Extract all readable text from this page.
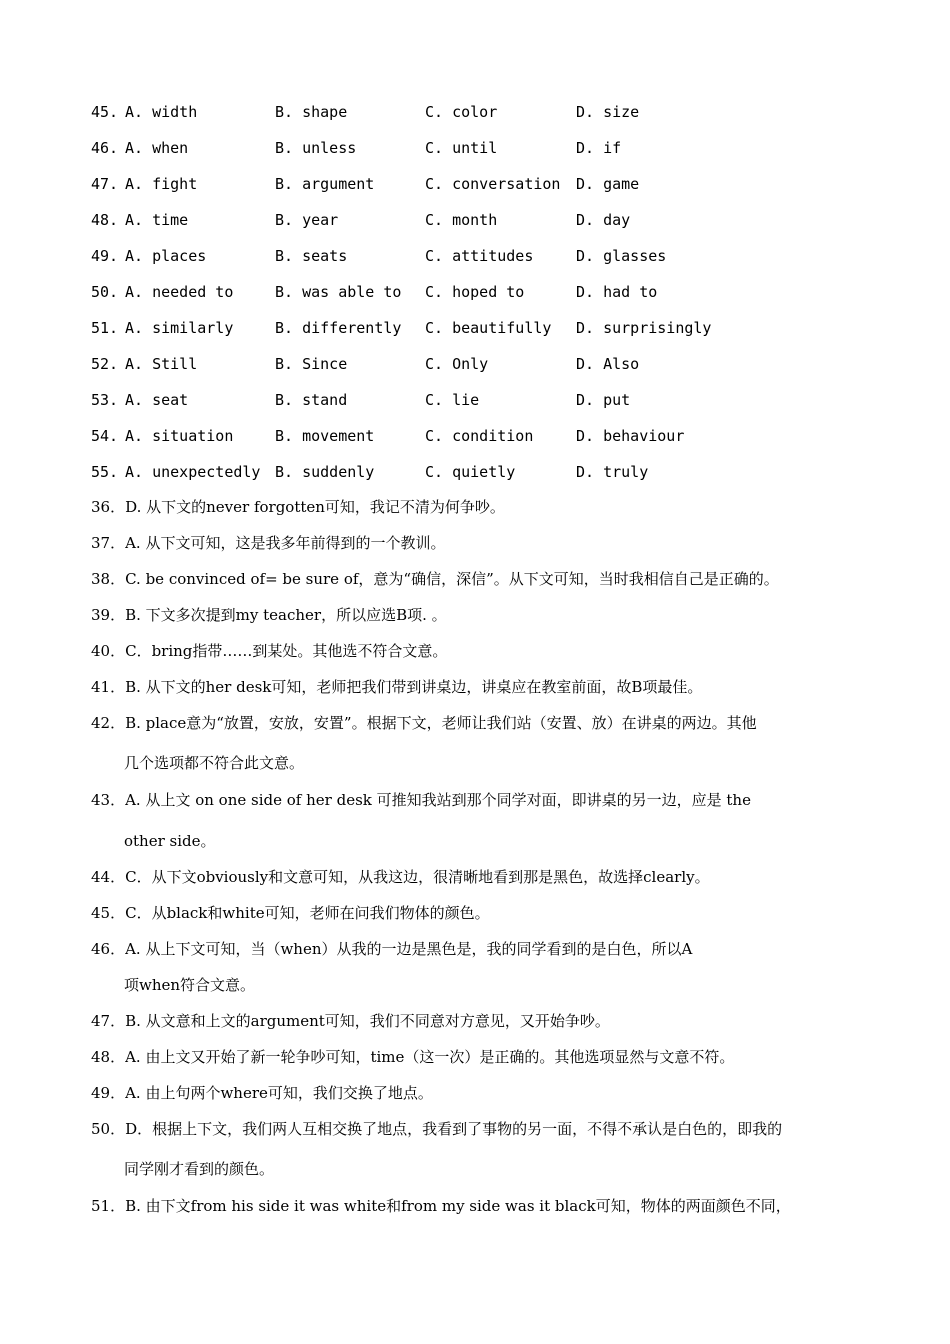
45. A. width	B. shape	C. color	D. size
46. A. when	B. unless	C. until	D. if
47. A. fight	B. argument	C. conversation D. game
48. A. time	B. year	C. month	D. day
49. A. places	B. seats	C. attitudes	D. glasses
50. A. needed to	B. was able to C. hoped to	D. had to
51. A. similarly	B. differently C. beautifully D. surprisingly
52. A. Still	B. Since	C. Only	D. Also
53. A. seat	B. stand	C. lie	D. put
54. A. situation	B. movement	C. condition	D. behaviour
55. A. unexpectedly B. suddenly	C. quietly	D. truly
36．D. 从下文的never forgotten可知，我记不清为何争吵。
37．A. 从下文可知，这是我多年前得到的一个教训。
38．C. be convinced of= be sure of，意为“确信，深信”。从下文可知，当时我相信自己是正确的。
39．B. 下文多次提到my teacher，所以应选B项. 。
40．C．bring指带……到某处。其他选不符合文意。
41．B. 从下文的her desk可知，老师把我们带到讲桌边，讲桌应在教室前面，故B项最佳。
42．B. place意为“放置，安放，安置”。根据下文，老师让我们站（安置、放）在讲桌的两边。其他
几个选项都不符合此文意。
43．A. 从上文 on one side of her desk 可推知我站到那个同学对面，即讲桌的另一边，应是 the
other side。
44．C．从下文obviously和文意可知，从我这边，很清晰地看到那是黑色，故选择clearly。
45．C．从black和white可知，老师在问我们物体的颜色。
46．A. 从上下文可知，当（when）从我的一边是黑色是，我的同学看到的是白色，所以A
项when符合文意。
47．B. 从文意和上文的argument可知，我们不同意对方意见，又开始争吵。
48．A. 由上文又开始了新一轮争吵可知，time（这一次）是正确的。其他选项显然与文意不符。
49．A. 由上句两个where可知，我们交换了地点。
50．D．根据上下文，我们两人互相交换了地点，我看到了事物的另一面，不得不承认是白色的，即我的
同学刚才看到的颜色。
51．B. 由下文from his side it was white和from my side was it black可知，物体的两面颜色不同，
